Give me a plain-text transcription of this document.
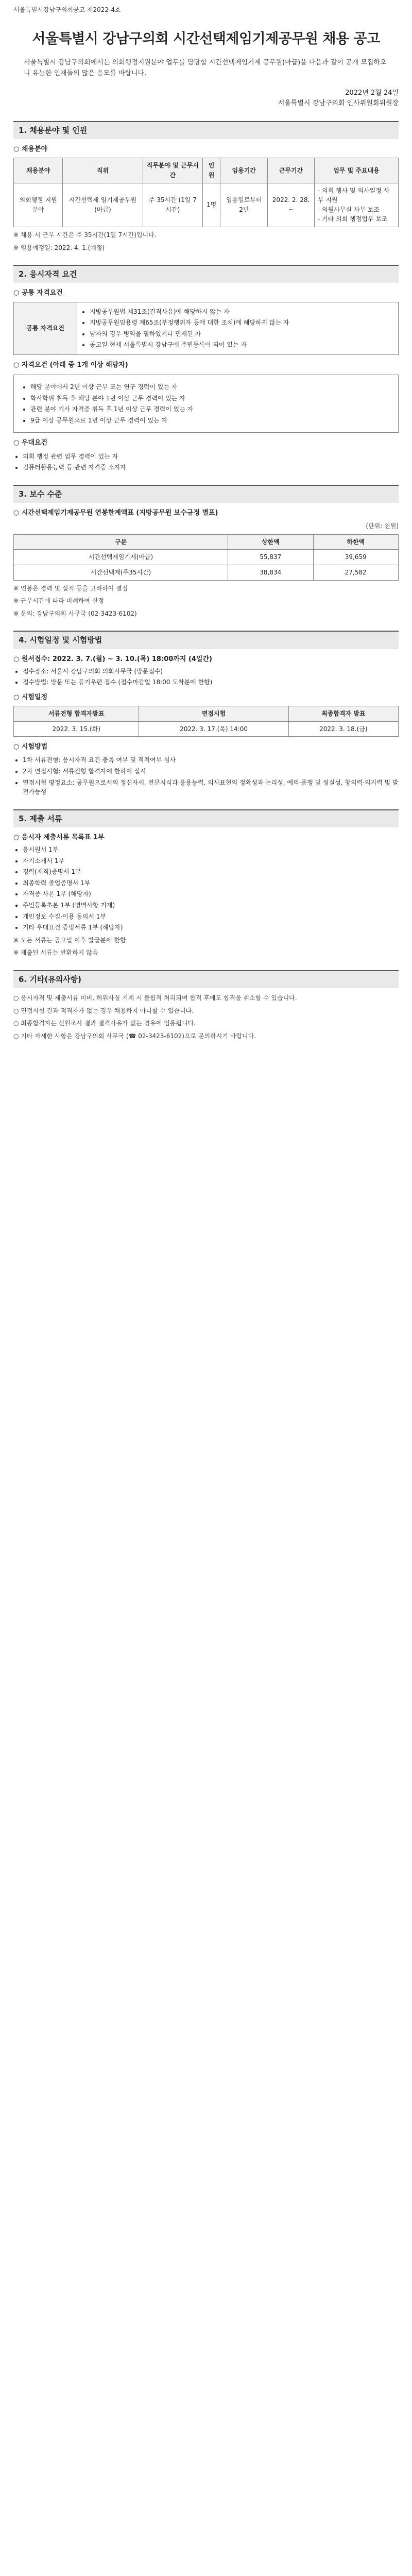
서울특별시강남구의회공고 제2022-4호
서울특별시 강남구의회 시간선택제임기제공무원 채용 공고
서울특별시 강남구의회에서는 의회행정지원분야 업무를 담당할 시간선택제임기제 공무원(마급)을 다음과 같이 공개 모집하오니 유능한 인재들의 많은 응모를 바랍니다.
2022년 2월 24일
서울특별시 강남구의회 인사위원회위원장
1. 채용분야 및 인원
○ 채용분야
채용분야	직위	직무분야 및 근무시간	인원	임용기간	근무기간	업무 및 주요내용
의회행정 지원분야	시간선택제 임기제공무원 (마급)	주 35시간 (1일 7시간)	1명	임용일로부터 2년	2022. 2. 28. ~	- 의회 행사 및 의사일정 사무 지원
- 의원사무실 사무 보조
- 기타 의회 행정업무 보조
※ 채용 시 근무 시간은 주 35시간(1일 7시간)입니다.
※ 임용예정일: 2022. 4. 1.(예정)
2. 응시자격 요건
○ 공통 자격요건
공통 자격요건	
• 지방공무원법 제31조(결격사유)에 해당하지 않는 자
• 지방공무원임용령 제65조(부정행위자 등에 대한 조치)에 해당하지 않는 자
• 남자의 경우 병역을 필하였거나 면제된 자
• 공고일 현재 서울특별시 강남구에 주민등록이 되어 있는 자
○ 자격요건 (아래 중 1개 이상 해당자)
• 해당 분야에서 2년 이상 근무 또는 연구 경력이 있는 자
• 학사학위 취득 후 해당 분야 1년 이상 근무 경력이 있는 자
• 관련 분야 기사 자격증 취득 후 1년 이상 근무 경력이 있는 자
• 9급 이상 공무원으로 1년 이상 근무 경력이 있는 자
○ 우대요건
• 의회 행정 관련 업무 경력이 있는 자
• 컴퓨터활용능력 등 관련 자격증 소지자
3. 보수 수준
○ 시간선택제임기제공무원 연봉한계액표 (지방공무원 보수규정 별표)
(단위: 천원)
구분	상한액	하한액
시간선택제임기제(마급)	55,837	39,659
시간선택제(주35시간)	38,834	27,582
※ 연봉은 경력 및 실적 등을 고려하여 결정
※ 근무시간에 따라 비례하여 산정
※ 문의: 강남구의회 사무국 (02-3423-6102)
4. 시험일정 및 시험방법
○ 원서접수: 2022. 3. 7.(월) ~ 3. 10.(목) 18:00까지 (4일간)
• 접수장소: 서울시 강남구의회 의회사무국 (방문접수)
• 접수방법: 방문 또는 등기우편 접수 (접수마감일 18:00 도착분에 한함)
○ 시험일정
서류전형 합격자발표	면접시험	최종합격자 발표
2022. 3. 15.(화)	2022. 3. 17.(목) 14:00	2022. 3. 18.(금)
○ 시험방법
• 1차 서류전형: 응시자격 요건 충족 여부 및 적격여부 심사
• 2차 면접시험: 서류전형 합격자에 한하여 실시
• 면접시험 평정요소: 공무원으로서의 정신자세, 전문지식과 응용능력, 의사표현의 정확성과 논리성, 예의·품행 및 성실성, 창의력·의지력 및 발전가능성
5. 제출 서류
○ 응시자 제출서류 목록표 1부
• 응시원서 1부
• 자기소개서 1부
• 경력(재직)증명서 1부
• 최종학력 졸업증명서 1부
• 자격증 사본 1부 (해당자)
• 주민등록초본 1부 (병역사항 기재)
• 개인정보 수집·이용 동의서 1부
• 기타 우대요건 증빙서류 1부 (해당자)
※ 모든 서류는 공고일 이후 발급분에 한함
※ 제출된 서류는 반환하지 않음
6. 기타(유의사항)
○ 응시자격 및 제출서류 미비, 허위사실 기재 시 불합격 처리되며 합격 후에도 합격을 취소할 수 있습니다.
○ 면접시험 결과 적격자가 없는 경우 채용하지 아니할 수 있습니다.
○ 최종합격자는 신원조사 결과 결격사유가 없는 경우에 임용됩니다.
○ 기타 자세한 사항은 강남구의회 사무국 (☎ 02-3423-6102)으로 문의하시기 바랍니다.
